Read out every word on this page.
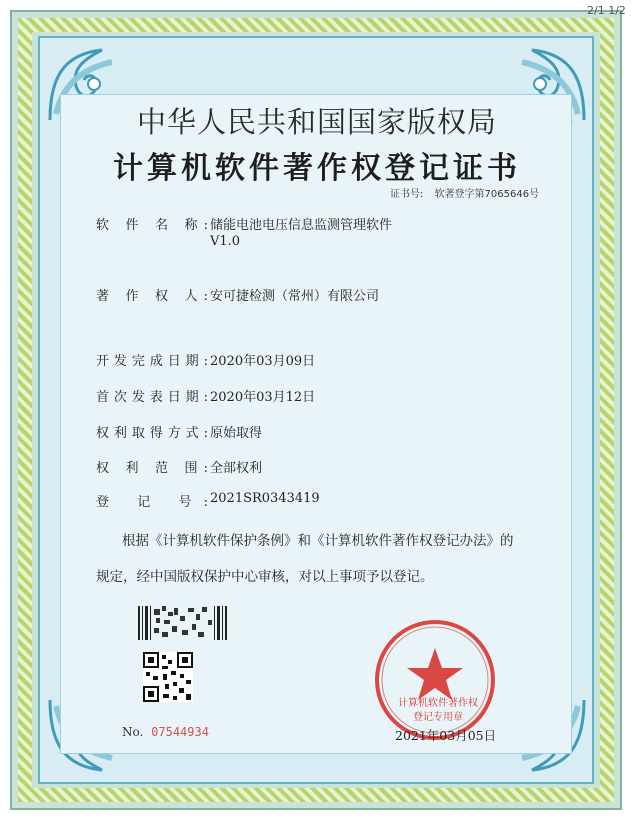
2/1 1/2
中华人民共和国国家版权局
计算机软件著作权登记证书
证书号: 软著登字第7065646号
软 件 名 称: 储能电池电压信息监测管理软件
V1.0
著 作 权 人: 安可捷检测（常州）有限公司
开发完成日期: 2020年03月09日
首次发表日期: 2020年03月12日
权利取得方式: 原始取得
权 利 范 围: 全部权利
登 记 号: 2021SR0343419
根据《计算机软件保护条例》和《计算机软件著作权登记办法》的
规定，经中国版权保护中心审核，对以上事项予以登记。
No. 07544934
计算机软件著作权
登记专用章
2021年03月05日
